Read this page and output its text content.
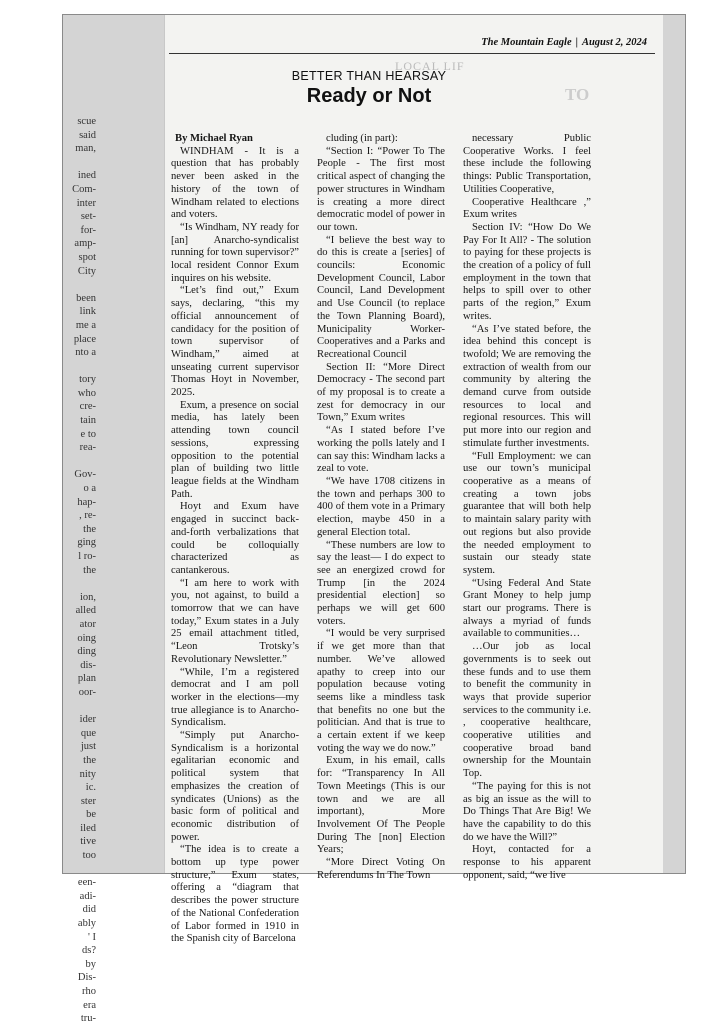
scue
said
man,

ined
Com-
inter
set-
for-
amp-
spot
City

been
link
me a
place
nto a

tory
who
cre-
tain
e to
rea-

Gov-
o a
hap-
, re-
the
ging
l ro-
the

ion,
alled
ator
oing
ding
dis-
plan
oor-

ider
que
just
the
nity
ic.
ster
be
iled
tive
too

een-
adi-
did
ably
' I
ds?
by
Dis-
rho
era
tru-
LOCAL LIF
TO
The Mountain Eagle | August 2, 2024
BETTER THAN HEARSAY
Ready or Not

By Michael Ryan

WINDHAM - It is a question that has probably never been asked in the history of the town of Windham related to elections and voters.

“Is Windham, NY ready for [an] Anarcho-syndicalist running for town supervisor?” local resident Connor Exum inquires on his website.

“Let’s find out,” Exum says, declaring, “this my official announcement of candidacy for the position of town supervisor of Windham,” aimed at unseating current supervisor Thomas Hoyt in November, 2025.

Exum, a presence on social media, has lately been attending town council sessions, expressing opposition to the potential plan of building two little league fields at the Windham Path.

Hoyt and Exum have engaged in succinct back-and-forth verbalizations that could be colloquially characterized as cantankerous.

“I am here to work with you, not against, to build a tomorrow that we can have today,” Exum states in a July 25 email attachment titled, “Leon Trotsky’s Revolutionary Newsletter.”

“While, I’m a registered democrat and I am poll worker in the elections—my true allegiance is to Anarcho-Syndicalism.

“Simply put Anarcho-Syndicalism is a horizontal egalitarian economic and political system that emphasizes the creation of syndicates (Unions) as the basic form of political and economic distribution of power.

“The idea is to create a bottom up type power structure,” Exum states, offering a “diagram that describes the power structure of the National Confederation of Labor formed in 1910 in the Spanish city of Barcelona

cluding (in part):

“Section I: “Power To The People - The first most critical aspect of changing the power structures in Windham is creating a more direct democratic model of power in our town.

“I believe the best way to do this is create a [series] of councils: Economic Development Council, Labor Council, Land Development and Use Council (to replace the Town Planning Board), Municipality Worker-Cooperatives and a Parks and Recreational Council

Section II: “More Direct Democracy - The second part of my proposal is to create a zest for democracy in our Town,” Exum writes

“As I stated before I’ve working the polls lately and I can say this: Windham lacks a zeal to vote.

“We have 1708 citizens in the town and perhaps 300 to 400 of them vote in a Primary election, maybe 450 in a general Election total.

“These numbers are low to say the least— I do expect to see an energized crowd for Trump [in the 2024 presidential election] so perhaps we will get 600 voters.

“I would be very surprised if we get more than that number. We’ve allowed apathy to creep into our population because voting seems like a mindless task that benefits no one but the politician. And that is true to a certain extent if we keep voting the way we do now.”

Exum, in his email, calls for: “Transparency In All Town Meetings (This is our town and we are all important), More Involvement Of The People During The [non] Election Years;

“More Direct Voting On Referendums In The Town

necessary Public Cooperative Works. I feel these include the following things: Public Transportation, Utilities Cooperative,

Cooperative Healthcare ,” Exum writes

Section IV: “How Do We Pay For It All? - The solution to paying for these projects is the creation of a policy of full employment in the town that helps to spill over to other parts of the region,” Exum writes.

“As I’ve stated before, the idea behind this concept is twofold; We are removing the extraction of wealth from our community by altering the demand curve from outside resources to local and regional resources. This will put more into our region and stimulate further investments.

“Full Employment: we can use our town’s municipal cooperative as a means of creating a town jobs guarantee that will both help to maintain salary parity with out regions but also provide the needed employment to sustain our steady state system.

“Using Federal And State Grant Money to help jump start our programs. There is always a myriad of funds available to communities…

…Our job as local governments is to seek out these funds and to use them to benefit the community in ways that provide superior services to the community i.e. , cooperative healthcare, cooperative utilities and cooperative broad band ownership for the Mountain Top.

“The paying for this is not as big an issue as the will to Do Things That Are Big! We have the capability to do this do we have the Will?”

Hoyt, contacted for a response to his apparent opponent, said, “we live
